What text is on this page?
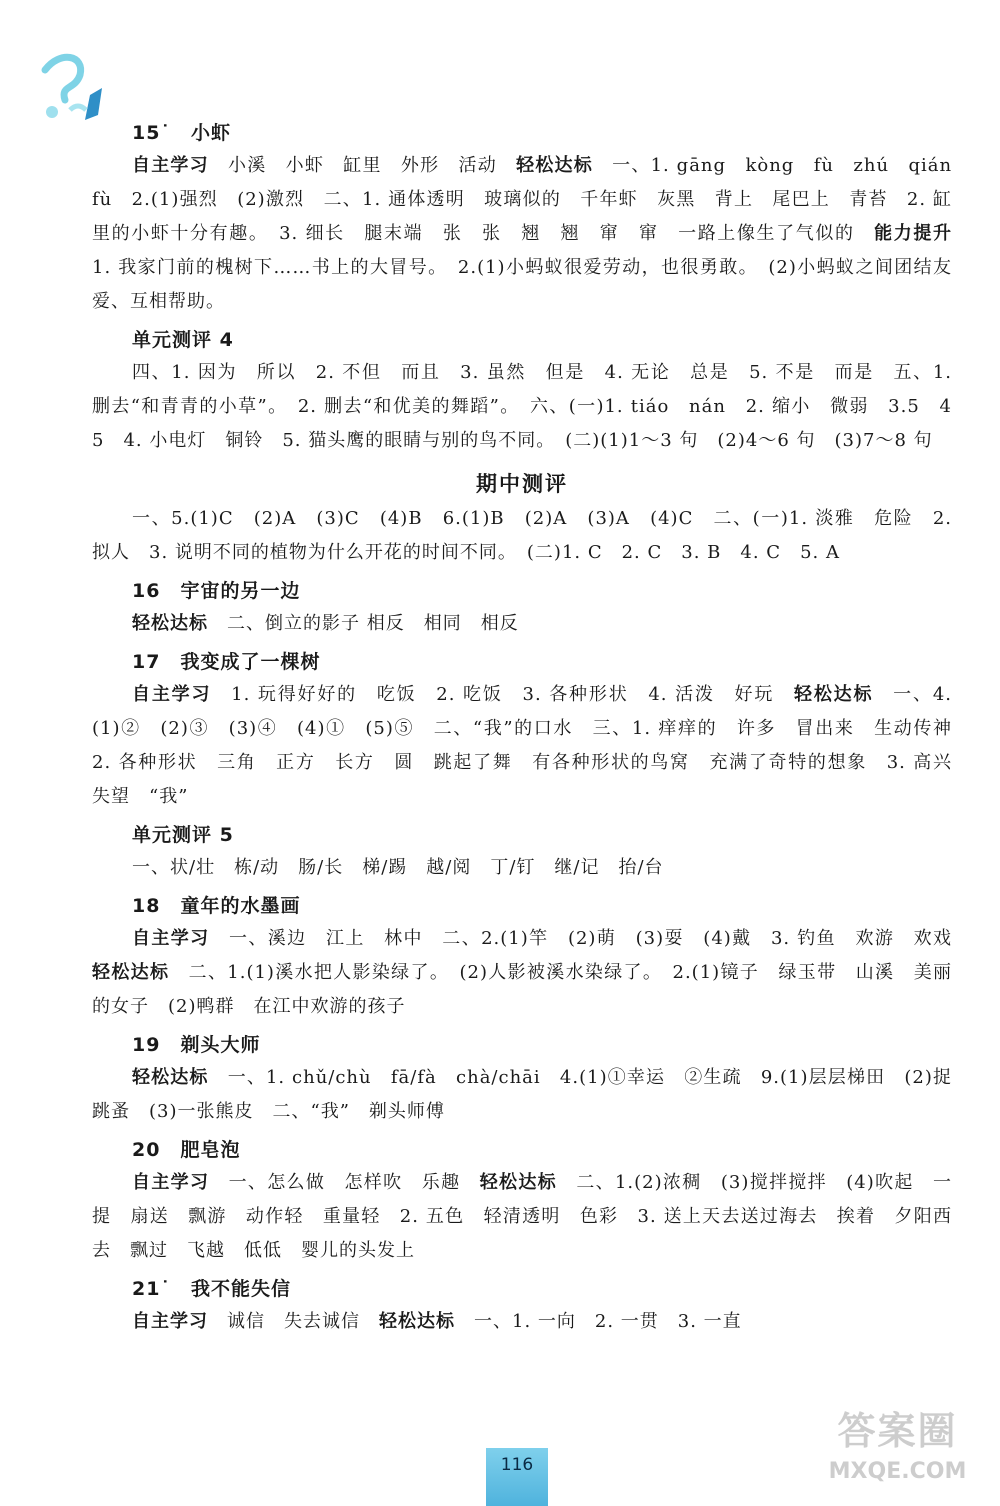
15˙　小虾

自主学习　 小溪　小虾　缸里　外形　活动　 轻松达标　 一、1. gāng　kòng　fù　zhú　qián　fù　2.(1)强烈　(2)激烈　二、1. 通体透明　玻璃似的　千年虾　灰黑　背上　尾巴上　青苔　2. 缸里的小虾十分有趣。　3. 细长　腿末端　张　张　翘　翘　窜　窜　一路上像生了气似的　 能力提升　1. 我家门前的槐树下……书上的大冒号。　2.(1)小蚂蚁很爱劳动，也很勇敢。　(2)小蚂蚁之间团结友爱、互相帮助。

单元测评 4

四、1. 因为　所以　2. 不但　而且　3. 虽然　但是　4. 无论　总是　5. 不是　而是　五、1. 删去“和青青的小草”。　2. 删去“和优美的舞蹈”。　六、(一)1. tiáo　nán　2. 缩小　微弱　3.5　4　5　4. 小电灯　铜铃　5. 猫头鹰的眼睛与别的鸟不同。　(二)(1)1～3 句　(2)4～6 句　(3)7～8 句

期中测评

一、5.(1)C　(2)A　(3)C　(4)B　6.(1)B　(2)A　(3)A　(4)C　二、(一)1. 淡雅　危险　2. 拟人　3. 说明不同的植物为什么开花的时间不同。　(二)1. C　2. C　3. B　4. C　5. A

16　宇宙的另一边

轻松达标　 二、倒立的影子 相反　相同　相反

17　我变成了一棵树

自主学习　 1. 玩得好好的　吃饭　2. 吃饭　3. 各种形状　4. 活泼　好玩　 轻松达标　 一、4.(1)②　(2)③　(3)④　(4)①　(5)⑤　二、“我”的口水　三、1. 痒痒的　许多　冒出来　生动传神　2. 各种形状　三角　正方　长方　圆　跳起了舞　有各种形状的鸟窝　充满了奇特的想象　3. 高兴　失望　“我”

单元测评 5

一、状/壮　栋/动　肠/长　梯/踢　越/阅　丁/钉　继/记　抬/台

18　童年的水墨画

自主学习　 一、溪边　江上　林中　二、2.(1)竿　(2)萌　(3)耍　(4)戴　3. 钓鱼　欢游　欢戏　轻松达标　 二、1.(1)溪水把人影染绿了。　(2)人影被溪水染绿了。　2.(1)镜子　绿玉带　山溪　美丽的女子　(2)鸭群　在江中欢游的孩子

19　剃头大师

轻松达标　 一、1. chǔ/chù　fā/fà　chà/chāi　4.(1)①幸运　②生疏　9.(1)层层梯田　(2)捉跳蚤　(3)一张熊皮　二、“我”　剃头师傅

20　肥皂泡

自主学习　 一、怎么做　怎样吹　乐趣　 轻松达标　 二、1.(2)浓稠　(3)搅拌搅拌　(4)吹起　一提　扇送　飘游　动作轻　重量轻　2. 五色　轻清透明　色彩　3. 送上天去送过海去　挨着　夕阳西去　飘过　飞越　低低　婴儿的头发上

21˙　我不能失信

自主学习　 诚信　失去诚信　 轻松达标　 一、1. 一向　2. 一贯　3. 一直

116
答案圈
MXQE.COM
